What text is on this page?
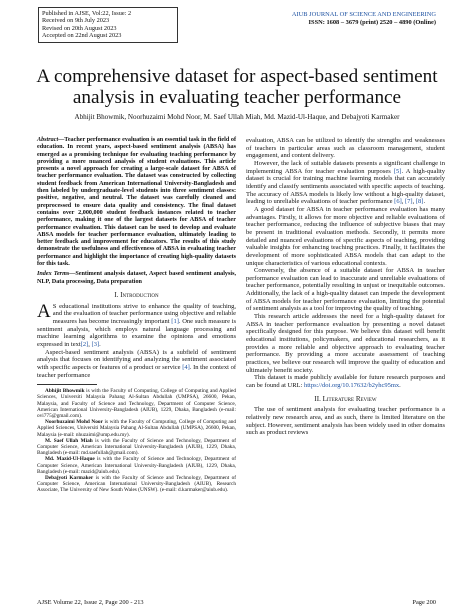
Published in AJSE, Vol:22, Issue: 2
Received on 9th July 2023
Revised on 20th August 2023
Accepted on 22nd August 2023
AIUB JOURNAL OF SCIENCE AND ENGINEERING
ISSN: 1608 – 3679 (print) 2520 – 4890 (Online)
A comprehensive dataset for aspect-based sentiment analysis in evaluating teacher performance
Abhijit Bhowmik, Noorhuzaimi Mohd Noor, M. Saef Ullah Miah, Md. Mazid-Ul-Haque, and Debajyoti Karmaker
Abstract—Teacher performance evaluation is an essential task in the field of education. In recent years, aspect-based sentiment analysis (ABSA) has emerged as a promising technique for evaluating teaching performance by providing a more nuanced analysis of student evaluations. This article presents a novel approach for creating a large-scale dataset for ABSA of teacher performance evaluation. The dataset was constructed by collecting student feedback from American International University-Bangladesh and then labeled by undergraduate-level students into three sentiment classes: positive, negative, and neutral. The dataset was carefully cleaned and preprocessed to ensure data quality and consistency. The final dataset contains over 2,000,000 student feedback instances related to teacher performance, making it one of the largest datasets for ABSA of teacher performance evaluation. This dataset can be used to develop and evaluate ABSA models for teacher performance evaluation, ultimately leading to better feedback and improvement for educators. The results of this study demonstrate the usefulness and effectiveness of ABSA in evaluating teacher performance and highlight the importance of creating high-quality datasets for this task.
Index Terms—Sentiment analysis dataset, Aspect based sentiment analysis, NLP, Data processing, Data preparation
I. Introduction

A S educational institutions strive to enhance the quality of teaching, and the evaluation of teacher performance using objective and reliable measures has become increasingly important [1]. One such measure is sentiment analysis, which employs natural language processing and machine learning algorithms to examine the opinions and emotions expressed in text[2], [3].

Aspect-based sentiment analysis (ABSA) is a subfield of sentiment analysis that focuses on identifying and analyzing the sentiment associated with specific aspects or features of a product or service [4]. In the context of teacher performance

Abhijit Bhowmik is with the Faculty of Computing, College of Computing and Applied Sciences, Universiti Malaysia Pahang Al-Sultan Abdullah (UMPSA), 26600, Pekan, Malaysia, and Faculty of Science and Technology, Department of Computer Science, American International University-Bangladesh (AIUB), 1229, Dhaka, Bangladesh (e-mail: ovi775@gmail.com).
Noorhuzaimi Mohd Noor is with the Faculty of Computing, College of Computing and Applied Sciences, Universiti Malaysia Pahang Al-Sultan Abdullah (UMPSA), 26600, Pekan, Malaysia (e-mail: nhuzaimi@ump.edu.my).
M. Saef Ullah Miah is with the Faculty of Science and Technology, Department of Computer Science, American International University-Bangladesh (AIUB), 1229, Dhaka, Bangladesh (e-mail: md.saefullah@gmail.com).
Md. Mazid-Ul-Haque is with the Faculty of Science and Technology, Department of Computer Science, American International University-Bangladesh (AIUB), 1229, Dhaka, Bangladesh (e-mail: mazid@aiub.edu).
Debajyoti Karmaker is with the Faculty of Science and Technology, Department of Computer Science, American International University-Bangladesh (AIUB), Research Associate, The University of New South Wales (UNSW). (e-mail: d.karmaker@aiub.edu).

evaluation, ABSA can be utilized to identify the strengths and weaknesses of teachers in particular areas such as classroom management, student engagement, and content delivery.

However, the lack of suitable datasets presents a significant challenge in implementing ABSA for teacher evaluation purposes [5]. A high-quality dataset is crucial for training machine learning models that can accurately identify and classify sentiments associated with specific aspects of teaching. The accuracy of ABSA models is likely low without a high-quality dataset, leading to unreliable evaluations of teacher performance [6], [7], [8].

A good dataset for ABSA in teacher performance evaluation has many advantages. Firstly, it allows for more objective and reliable evaluations of teacher performance, reducing the influence of subjective biases that may be present in traditional evaluation methods. Secondly, it permits more detailed and nuanced evaluations of specific aspects of teaching, providing valuable insights for enhancing teaching practices. Finally, it facilitates the development of more sophisticated ABSA models that can adapt to the unique characteristics of various educational contexts.

Conversely, the absence of a suitable dataset for ABSA in teacher performance evaluation can lead to inaccurate and unreliable evaluations of teacher performance, potentially resulting in unjust or inequitable outcomes. Additionally, the lack of a high-quality dataset can impede the development of ABSA models for teacher performance evaluation, limiting the potential of sentiment analysis as a tool for improving the quality of teaching.

This research article addresses the need for a high-quality dataset for ABSA in teacher performance evaluation by presenting a novel dataset specifically designed for this purpose. We believe this dataset will benefit educational institutions, policymakers, and educational researchers, as it provides a more reliable and objective approach to evaluating teacher performance. By providing a more accurate assessment of teaching practices, we believe our research will improve the quality of education and ultimately benefit society.

This dataset is made publicly available for future research purposes and can be found at URL: https://doi.org/10.17632/b2yhc95mx.

II. Literature Review

The use of sentiment analysis for evaluating teacher performance is a relatively new research area, and as such, there is limited literature on the subject. However, sentiment analysis has been widely used in other domains such as product reviews

AJSE Volume 22, Issue 2, Page 200 - 213	Page 200
